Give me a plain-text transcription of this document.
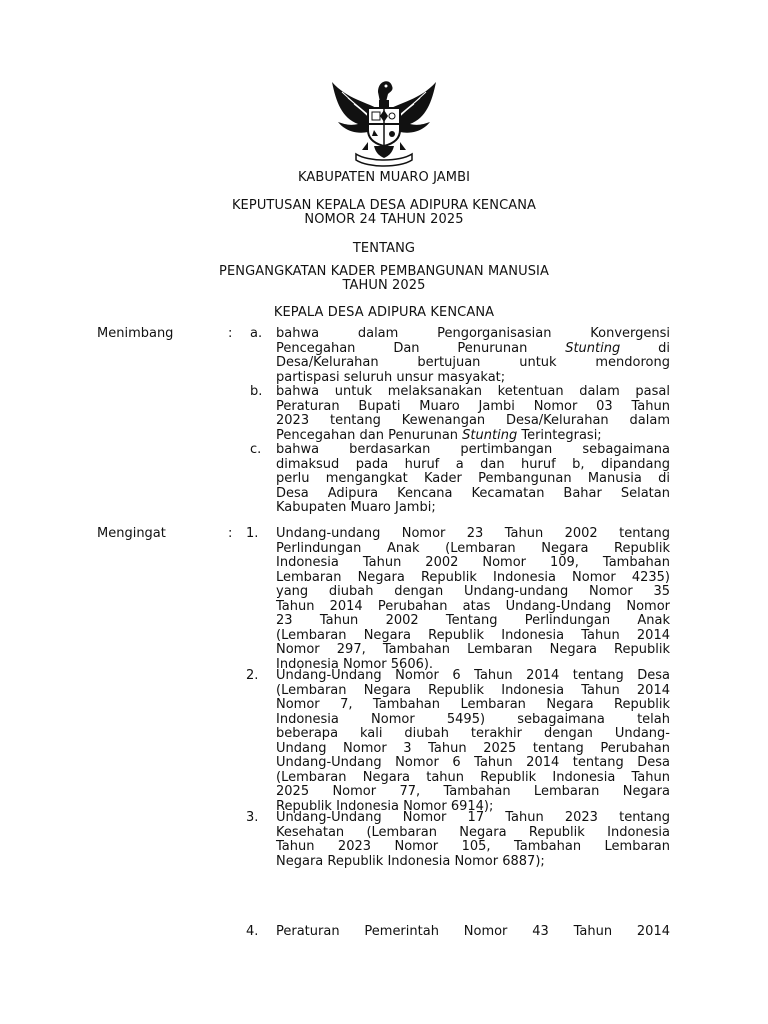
KABUPATEN MUARO JAMBI
KEPUTUSAN KEPALA DESA ADIPURA KENCANA
NOMOR 24 TAHUN 2025
TENTANG
PENGANGKATAN KADER PEMBANGUNAN MANUSIA
TAHUN 2025
KEPALA DESA ADIPURA KENCANA
Menimbang	: a. bahwa dalam Pengorganisasian Konvergensi
Pencegahan Dan Penurunan Stunting di
Desa/Kelurahan bertujuan untuk mendorong
partispasi seluruh unsur masyakat;
b. bahwa untuk melaksanakan ketentuan dalam pasal
Peraturan Bupati Muaro Jambi Nomor 03 Tahun
2023 tentang Kewenangan Desa/Kelurahan dalam
Pencegahan dan Penurunan Stunting Terintegrasi;
c. bahwa berdasarkan pertimbangan sebagaimana
dimaksud pada huruf a dan huruf b, dipandang
perlu mengangkat Kader Pembangunan Manusia di
Desa Adipura Kencana Kecamatan Bahar Selatan
Kabupaten Muaro Jambi;
Mengingat	: 1. Undang-undang Nomor 23 Tahun 2002 tentang
Perlindungan Anak (Lembaran Negara Republik
Indonesia Tahun 2002 Nomor 109, Tambahan
Lembaran Negara Republik Indonesia Nomor 4235)
yang diubah dengan Undang-undang Nomor 35
Tahun 2014 Perubahan atas Undang-Undang Nomor
23 Tahun 2002 Tentang Perlindungan Anak
(Lembaran Negara Republik Indonesia Tahun 2014
Nomor 297, Tambahan Lembaran Negara Republik
Indonesia Nomor 5606).
2. Undang-Undang Nomor 6 Tahun 2014 tentang Desa
(Lembaran Negara Republik Indonesia Tahun 2014
Nomor 7, Tambahan Lembaran Negara Republik
Indonesia Nomor 5495) sebagaimana telah
beberapa kali diubah terakhir dengan Undang-
Undang Nomor 3 Tahun 2025 tentang Perubahan
Undang-Undang Nomor 6 Tahun 2014 tentang Desa
(Lembaran Negara tahun Republik Indonesia Tahun
2025 Nomor 77, Tambahan Lembaran Negara
Republik Indonesia Nomor 6914);
3. Undang-Undang Nomor 17 Tahun 2023 tentang
Kesehatan (Lembaran Negara Republik Indonesia
Tahun 2023 Nomor 105, Tambahan Lembaran
Negara Republik Indonesia Nomor 6887);
4. Peraturan Pemerintah Nomor 43 Tahun 2014
